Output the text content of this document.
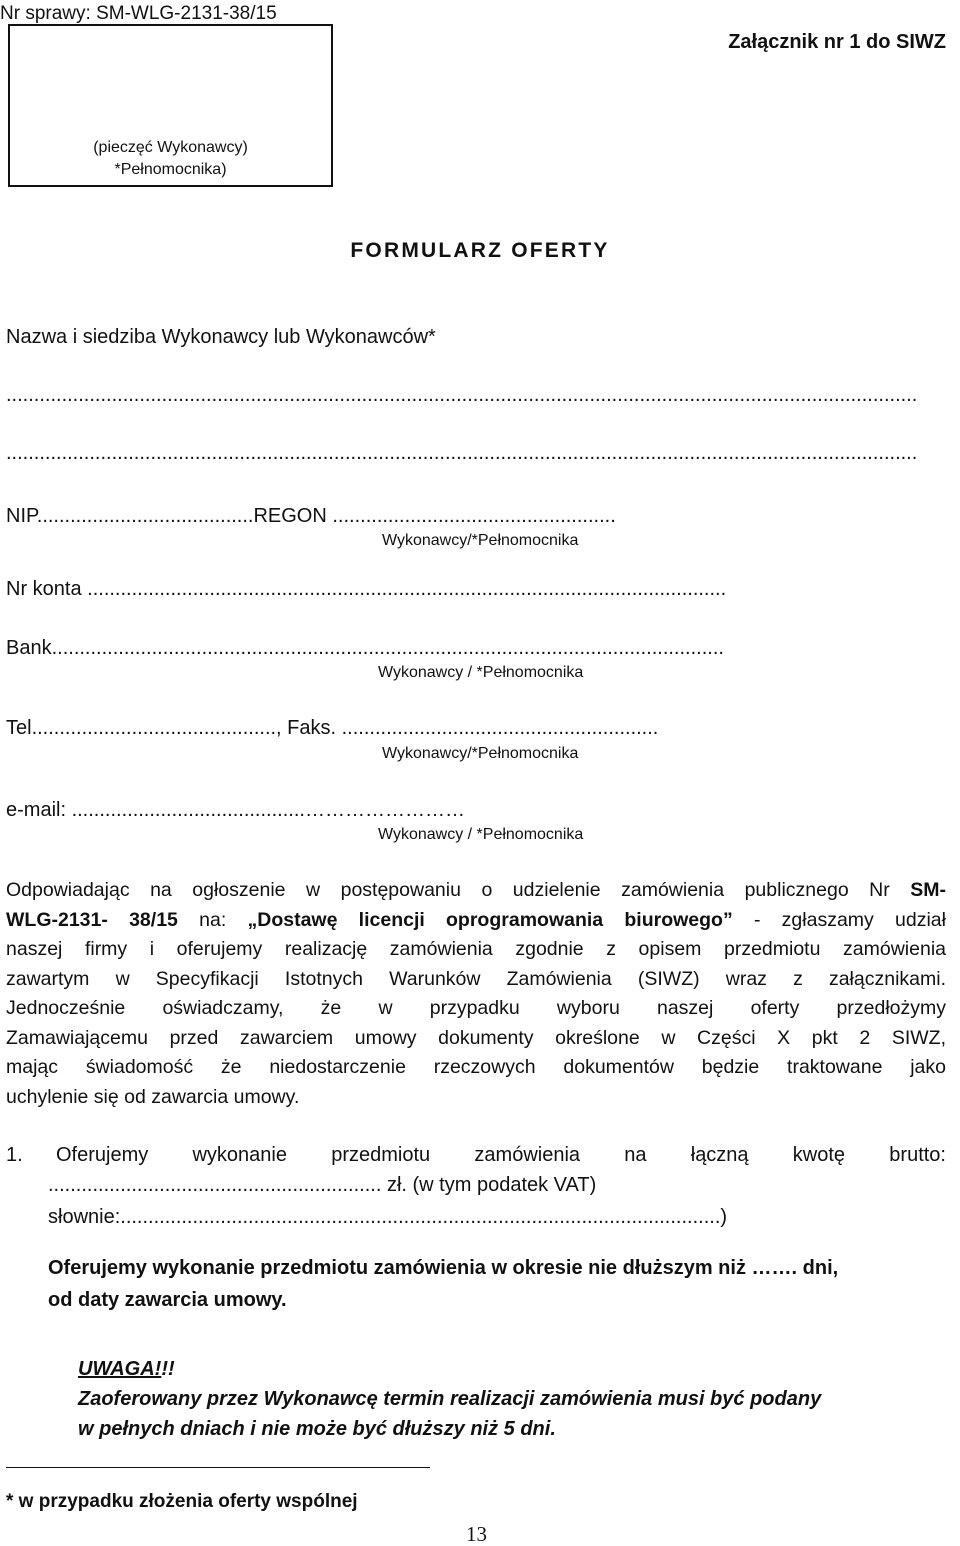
Nr sprawy: SM-WLG-2131-38/15
Załącznik nr 1 do SIWZ
(pieczęć Wykonawcy)
*Pełnomocnika)
FORMULARZ OFERTY
Nazwa i siedziba Wykonawcy lub Wykonawców*
....................................................................................................................................................................
....................................................................................................................................................................
NIP.......................................REGON ...................................................
Wykonawcy/*Pełnomocnika
Nr konta ...................................................................................................................
Bank.........................................................................................................................
Wykonawcy / *Pełnomocnika
Tel............................................, Faks. .........................................................
Wykonawcy/*Pełnomocnika
e-mail: ..........................................……………………
Wykonawcy / *Pełnomocnika
Odpowiadając na ogłoszenie w postępowaniu o udzielenie zamówienia publicznego Nr SM-
WLG-2131- 38/15 na: „Dostawę licencji oprogramowania biurowego” - zgłaszamy udział
naszej firmy i oferujemy realizację zamówienia zgodnie z opisem przedmiotu zamówienia
zawartym w Specyfikacji Istotnych Warunków Zamówienia (SIWZ) wraz z załącznikami.
Jednocześnie oświadczamy, że w przypadku wyboru naszej oferty przedłożymy
Zamawiającemu przed zawarciem umowy dokumenty określone w Części X pkt 2 SIWZ,
mając świadomość że niedostarczenie rzeczowych dokumentów będzie traktowane jako
uchylenie się od zawarcia umowy.
1. Oferujemy wykonanie przedmiotu zamówienia na łączną kwotę brutto:
............................................................ zł. (w tym podatek VAT)
słownie:............................................................................................................)
Oferujemy wykonanie przedmiotu zamówienia w okresie nie dłuższym niż ……. dni,
od daty zawarcia umowy.
UWAGA!!!
Zaoferowany przez Wykonawcę termin realizacji zamówienia musi być podany
w pełnych dniach i nie może być dłuższy niż 5 dni.
* w przypadku złożenia oferty wspólnej
13
